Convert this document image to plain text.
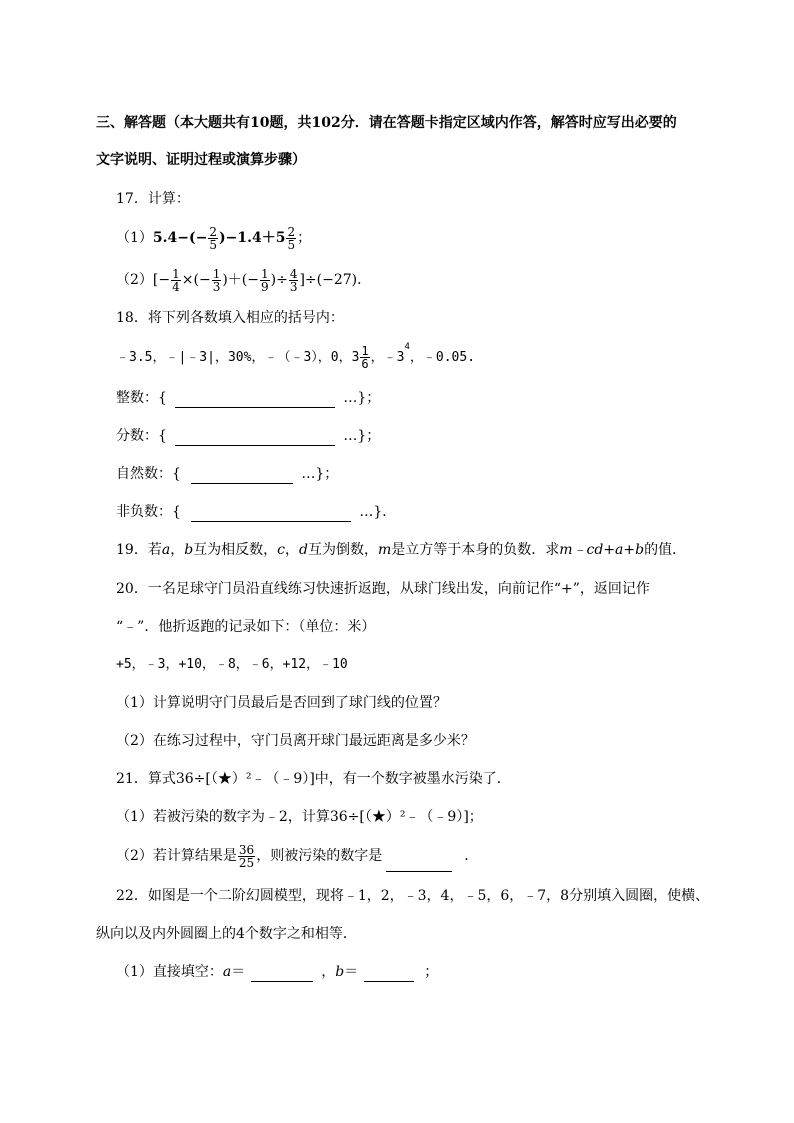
三、解答题（本大题共有10题，共102分．请在答题卡指定区域内作答，解答时应写出必要的
文字说明、证明过程或演算步骤）
17．计算：
$(1)5.4-(- \frac{2}{5} )-1.4+5 \frac{2}{5}$ ；
$(2)[- \frac{1}{4}$ ×(− $\frac{1}{3}$ )＋(− $\frac{1}{9}$ )÷ $\frac{4}{3} ]\div(-27)$．
18．将下列各数填入相应的括号内：
﹣3.5，﹣|﹣3|，30%，﹣（﹣3），0，$3 \frac{1}{6}$ ，$﹣3^4$，﹣0.05.
整数：{	…}；
分数：{	…}；
自然数：{	…}；
非负数：{	…}．
19．若a，b互为相反数，c，d互为倒数，m是立方等于本身的负数．求m﹣cd+a+b的值．
20．一名足球守门员沿直线练习快速折返跑，从球门线出发，向前记作“+”，返回记作
“﹣”．他折返跑的记录如下：（单位：米）
+5，﹣3，+10，﹣8，﹣6，+12，﹣10
（1）计算说明守门员最后是否回到了球门线的位置？
（2）在练习过程中，守门员离开球门最远距离是多少米？
21．算式36÷[（★）²﹣（﹣9）]中，有一个数字被墨水污染了．
（1）若被污染的数字为﹣2，计算36÷[（★）²﹣（﹣9）]；
（2）若计算结果是 $\frac{36}{25}$ ，则被污染的数字是	．
22．如图是一个二阶幻圆模型，现将﹣1，2，﹣3，4，﹣5，6，﹣7，8分别填入圆圈，使横、
纵向以及内外圆圈上的4个数字之和相等．
（1）直接填空：a＝	，b＝	；
